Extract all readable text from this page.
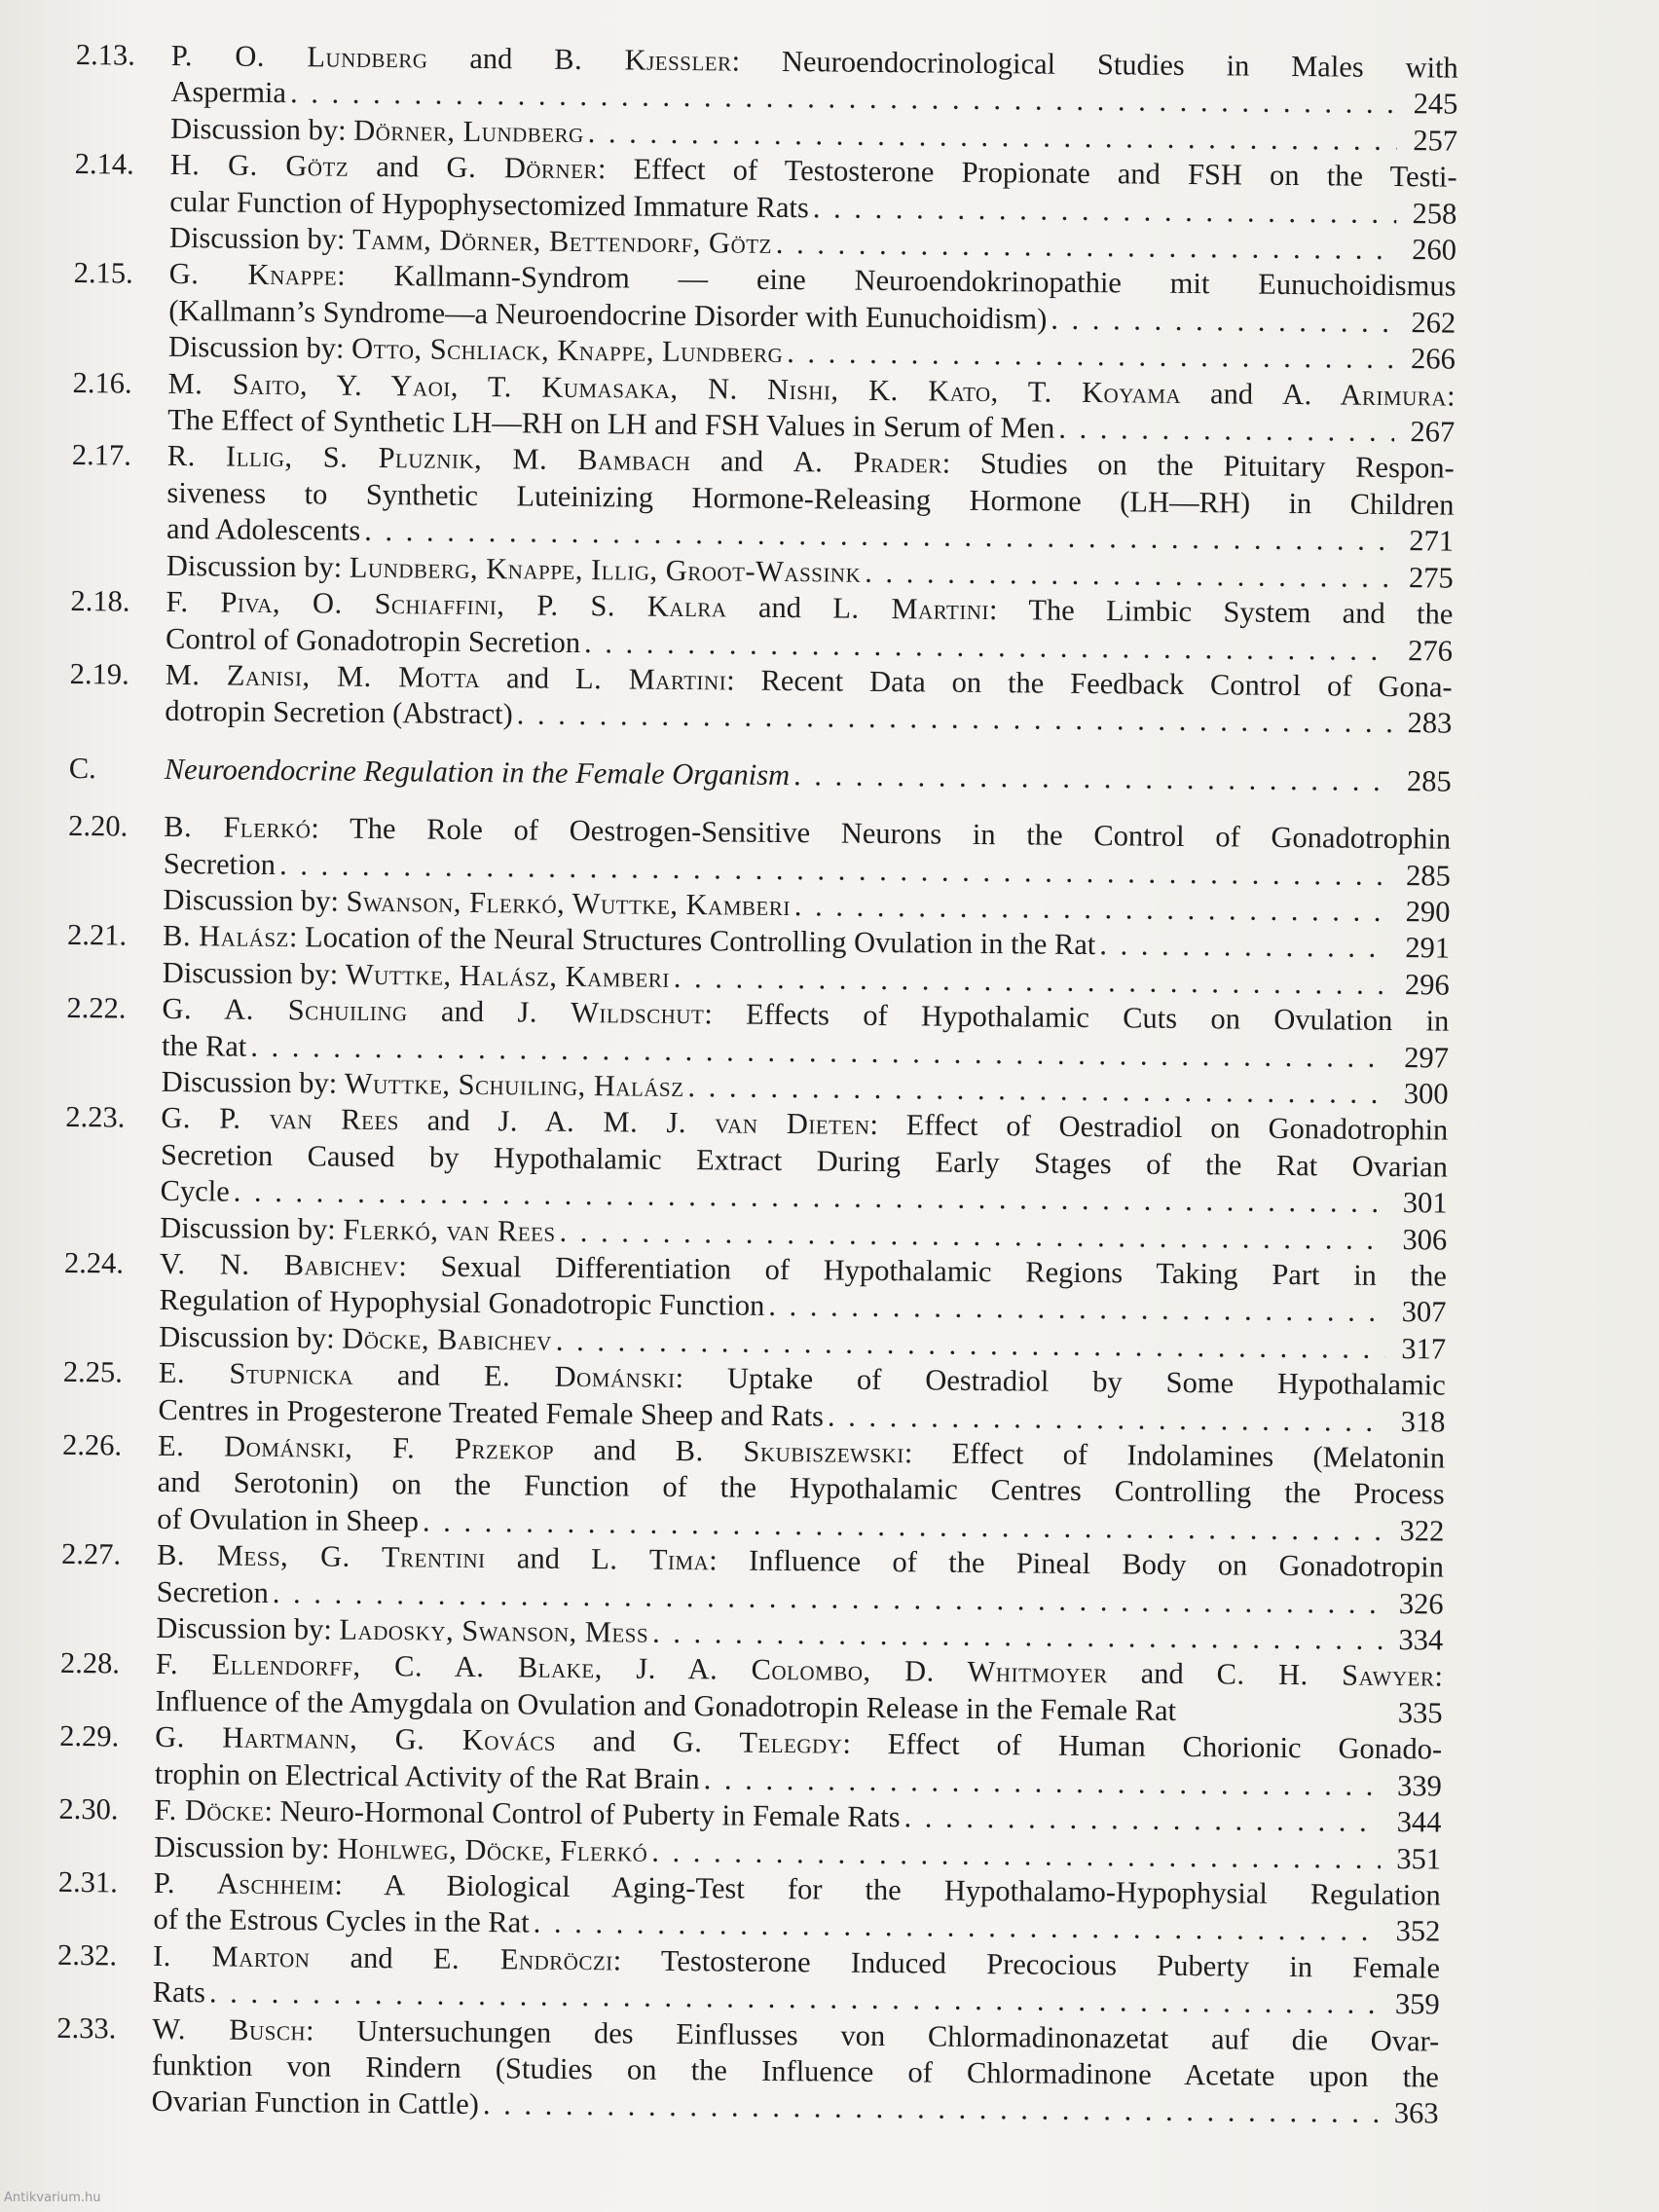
2.13.	P. O. Lundberg and B. Kjessler: Neuroendocrinological Studies in Males with
Aspermia . . .	245
Discussion by: Dörner, Lundberg . . .	257
2.14.	H. G. Götz and G. Dörner: Effect of Testosterone Propionate and FSH on the Testi-
cular Function of Hypophysectomized Immature Rats . . .	258
Discussion by: Tamm, Dörner, Bettendorf, Götz . . .	260
2.15.	G. Knappe: Kallmann-Syndrom — eine Neuroendokrinopathie mit Eunuchoidismus
(Kallmann’s Syndrome—a Neuroendocrine Disorder with Eunuchoidism) . . .	262
Discussion by: Otto, Schliack, Knappe, Lundberg . . .	266
2.16.	M. Saito, Y. Yaoi, T. Kumasaka, N. Nishi, K. Kato, T. Koyama and A. Arimura:
The Effect of Synthetic LH—RH on LH and FSH Values in Serum of Men . . .	267
2.17.	R. Illig, S. Pluznik, M. Bambach and A. Prader: Studies on the Pituitary Respon-
siveness to Synthetic Luteinizing Hormone-Releasing Hormone (LH—RH) in Children
and Adolescents . . .	271
Discussion by: Lundberg, Knappe, Illig, Groot-Wassink . . .	275
2.18.	F. Piva, O. Schiaffini, P. S. Kalra and L. Martini: The Limbic System and the
Control of Gonadotropin Secretion . . .	276
2.19.	M. Zanisi, M. Motta and L. Martini: Recent Data on the Feedback Control of Gona-
dotropin Secretion (Abstract) . . .	283
C.	Neuroendocrine Regulation in the Female Organism . . .	285
2.20.	B. Flerkó: The Role of Oestrogen-Sensitive Neurons in the Control of Gonadotrophin
Secretion . . .	285
Discussion by: Swanson, Flerkó, Wuttke, Kamberi . . .	290
2.21.	B. Halász: Location of the Neural Structures Controlling Ovulation in the Rat . . .	291
Discussion by: Wuttke, Halász, Kamberi . . .	296
2.22.	G. A. Schuiling and J. Wildschut: Effects of Hypothalamic Cuts on Ovulation in
the Rat . . .	297
Discussion by: Wuttke, Schuiling, Halász . . .	300
2.23.	G. P. van Rees and J. A. M. J. van Dieten: Effect of Oestradiol on Gonadotrophin
Secretion Caused by Hypothalamic Extract During Early Stages of the Rat Ovarian
Cycle . . .	301
Discussion by: Flerkó, van Rees . . .	306
2.24.	V. N. Babichev: Sexual Differentiation of Hypothalamic Regions Taking Part in the
Regulation of Hypophysial Gonadotropic Function . . .	307
Discussion by: Döcke, Babichev . . .	317
2.25.	E. Stupnicka and E. Dománski: Uptake of Oestradiol by Some Hypothalamic
Centres in Progesterone Treated Female Sheep and Rats . . .	318
2.26.	E. Dománski, F. Przekop and B. Skubiszewski: Effect of Indolamines (Melatonin
and Serotonin) on the Function of the Hypothalamic Centres Controlling the Process
of Ovulation in Sheep . . .	322
2.27.	B. Mess, G. Trentini and L. Tima: Influence of the Pineal Body on Gonadotropin
Secretion . . .	326
Discussion by: Ladosky, Swanson, Mess . . .	334
2.28.	F. Ellendorff, C. A. Blake, J. A. Colombo, D. Whitmoyer and C. H. Sawyer:
Influence of the Amygdala on Ovulation and Gonadotropin Release in the Female Rat	335
2.29.	G. Hartmann, G. Kovács and G. Telegdy: Effect of Human Chorionic Gonado-
trophin on Electrical Activity of the Rat Brain . . .	339
2.30.	F. Döcke: Neuro-Hormonal Control of Puberty in Female Rats . . .	344
Discussion by: Hohlweg, Döcke, Flerkó . . .	351
2.31.	P. Aschheim: A Biological Aging-Test for the Hypothalamo-Hypophysial Regulation
of the Estrous Cycles in the Rat . . .	352
2.32.	I. Marton and E. Endröczi: Testosterone Induced Precocious Puberty in Female
Rats . . .	359
2.33.	W. Busch: Untersuchungen des Einflusses von Chlormadinonazetat auf die Ovar-
funktion von Rindern (Studies on the Influence of Chlormadinone Acetate upon the
Ovarian Function in Cattle) . . .	363
Antikvarium.hu
